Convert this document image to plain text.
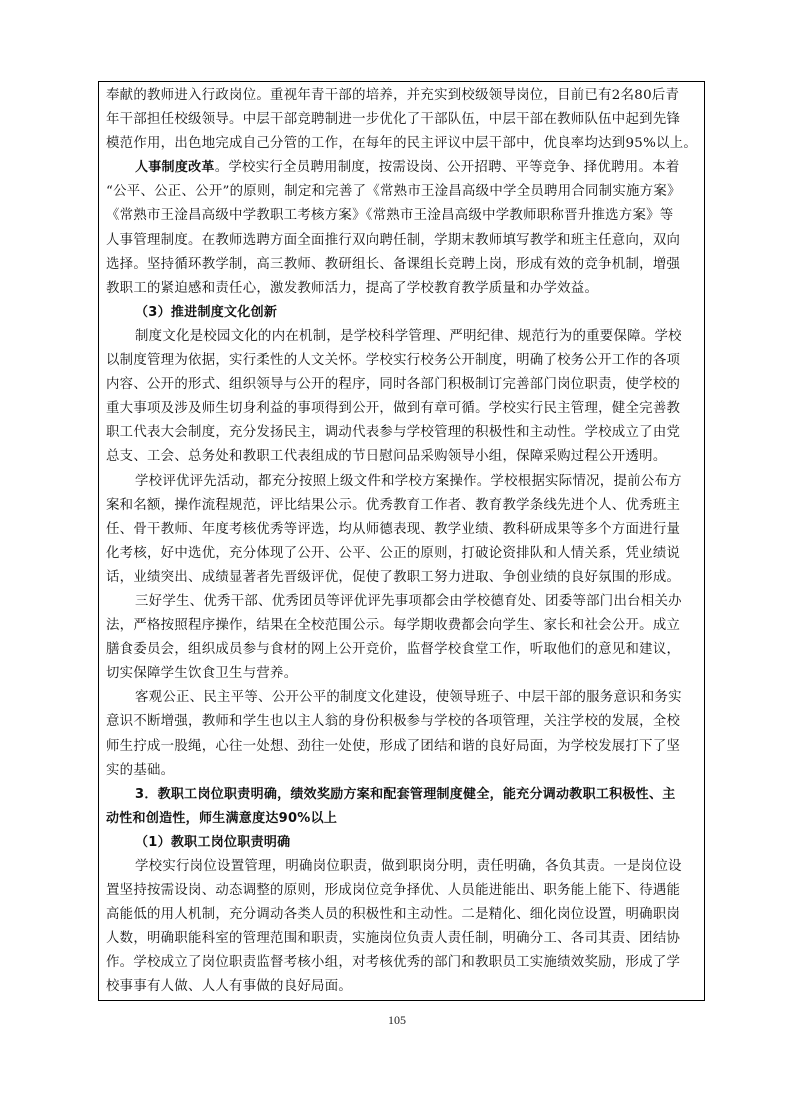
奉献的教师进入行政岗位。重视年青干部的培养，并充实到校级领导岗位，目前已有2名80后青
年干部担任校级领导。中层干部竞聘制进一步优化了干部队伍，中层干部在教师队伍中起到先锋
模范作用，出色地完成自己分管的工作，在每年的民主评议中层干部中，优良率均达到95%以上。
人事制度改革。学校实行全员聘用制度，按需设岗、公开招聘、平等竞争、择优聘用。本着
“公平、公正、公开”的原则，制定和完善了《常熟市王淦昌高级中学全员聘用合同制实施方案》
《常熟市王淦昌高级中学教职工考核方案》《常熟市王淦昌高级中学教师职称晋升推选方案》等
人事管理制度。在教师选聘方面全面推行双向聘任制，学期末教师填写教学和班主任意向，双向
选择。坚持循环教学制，高三教师、教研组长、备课组长竞聘上岗，形成有效的竞争机制，增强
教职工的紧迫感和责任心，激发教师活力，提高了学校教育教学质量和办学效益。
（3）推进制度文化创新
制度文化是校园文化的内在机制，是学校科学管理、严明纪律、规范行为的重要保障。学校
以制度管理为依据，实行柔性的人文关怀。学校实行校务公开制度，明确了校务公开工作的各项
内容、公开的形式、组织领导与公开的程序，同时各部门积极制订完善部门岗位职责，使学校的
重大事项及涉及师生切身利益的事项得到公开，做到有章可循。学校实行民主管理，健全完善教
职工代表大会制度，充分发扬民主，调动代表参与学校管理的积极性和主动性。学校成立了由党
总支、工会、总务处和教职工代表组成的节日慰问品采购领导小组，保障采购过程公开透明。
学校评优评先活动，都充分按照上级文件和学校方案操作。学校根据实际情况，提前公布方
案和名额，操作流程规范，评比结果公示。优秀教育工作者、教育教学条线先进个人、优秀班主
任、骨干教师、年度考核优秀等评选，均从师德表现、教学业绩、教科研成果等多个方面进行量
化考核，好中选优，充分体现了公开、公平、公正的原则，打破论资排队和人情关系，凭业绩说
话，业绩突出、成绩显著者先晋级评优，促使了教职工努力进取、争创业绩的良好氛围的形成。
三好学生、优秀干部、优秀团员等评优评先事项都会由学校德育处、团委等部门出台相关办
法，严格按照程序操作，结果在全校范围公示。每学期收费都会向学生、家长和社会公开。成立
膳食委员会，组织成员参与食材的网上公开竞价，监督学校食堂工作，听取他们的意见和建议，
切实保障学生饮食卫生与营养。
客观公正、民主平等、公开公平的制度文化建设，使领导班子、中层干部的服务意识和务实
意识不断增强，教师和学生也以主人翁的身份积极参与学校的各项管理，关注学校的发展，全校
师生拧成一股绳，心往一处想、劲往一处使，形成了团结和谐的良好局面，为学校发展打下了坚
实的基础。
3．教职工岗位职责明确，绩效奖励方案和配套管理制度健全，能充分调动教职工积极性、主
动性和创造性，师生满意度达90%以上
（1）教职工岗位职责明确
学校实行岗位设置管理，明确岗位职责，做到职岗分明，责任明确，各负其责。一是岗位设
置坚持按需设岗、动态调整的原则，形成岗位竞争择优、人员能进能出、职务能上能下、待遇能
高能低的用人机制，充分调动各类人员的积极性和主动性。二是精化、细化岗位设置，明确职岗
人数，明确职能科室的管理范围和职责，实施岗位负责人责任制，明确分工、各司其责、团结协
作。学校成立了岗位职责监督考核小组，对考核优秀的部门和教职员工实施绩效奖励，形成了学
校事事有人做、人人有事做的良好局面。
105
